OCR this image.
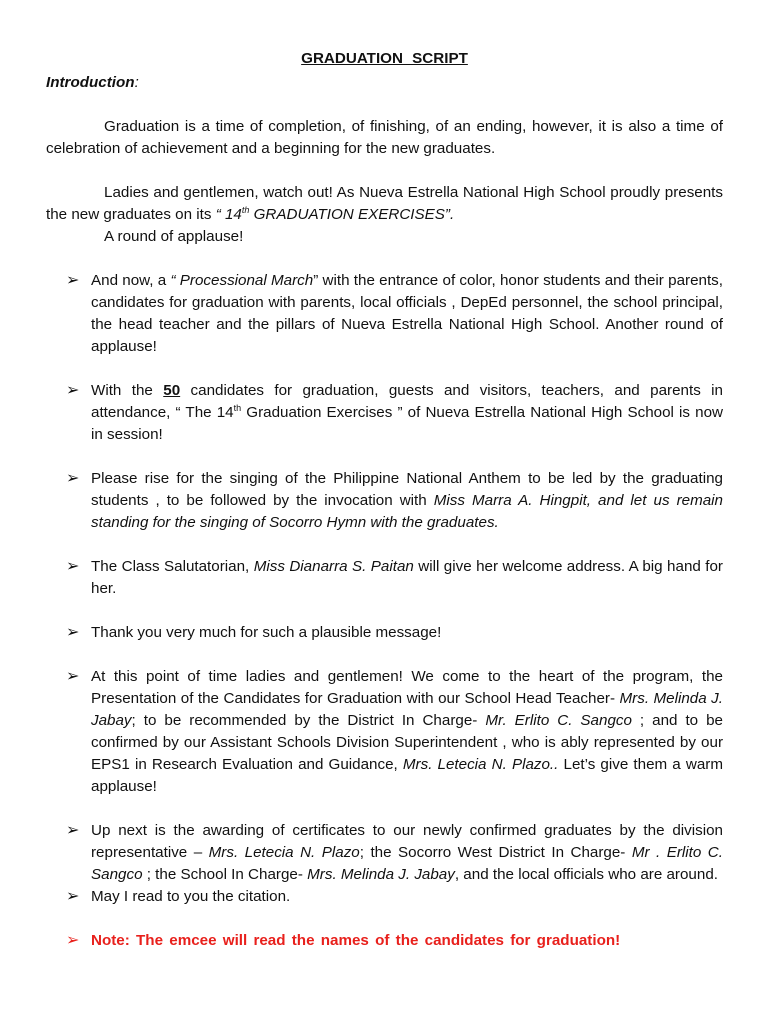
GRADUATION SCRIPT

Introduction:

Graduation is a time of completion, of finishing, of an ending, however, it is also a time of celebration of achievement and a beginning for the new graduates.

Ladies and gentlemen, watch out! As Nueva Estrella National High School proudly presents the new graduates on its “ 14th GRADUATION EXERCISES”.

A round of applause!

➢ And now, a “ Processional March” with the entrance of color, honor students and their parents, candidates for graduation with parents, local officials , DepEd personnel, the school principal, the head teacher and the pillars of Nueva Estrella National High School. Another round of applause!
➢ With the 50 candidates for graduation, guests and visitors, teachers, and parents in attendance, “ The 14th Graduation Exercises ” of Nueva Estrella National High School is now in session!
➢ Please rise for the singing of the Philippine National Anthem to be led by the graduating students , to be followed by the invocation with Miss Marra A. Hingpit, and let us remain standing for the singing of Socorro Hymn with the graduates.
➢ The Class Salutatorian, Miss Dianarra S. Paitan will give her welcome address. A big hand for her.
➢ Thank you very much for such a plausible message!
➢ At this point of time ladies and gentlemen! We come to the heart of the program, the Presentation of the Candidates for Graduation with our School Head Teacher- Mrs. Melinda J. Jabay; to be recommended by the District In Charge- Mr. Erlito C. Sangco ; and to be confirmed by our Assistant Schools Division Superintendent , who is ably represented by our EPS1 in Research Evaluation and Guidance, Mrs. Letecia N. Plazo.. Let’s give them a warm applause!
➢ Up next is the awarding of certificates to our newly confirmed graduates by the division representative – Mrs. Letecia N. Plazo; the Socorro West District In Charge- Mr . Erlito C. Sangco ; the School In Charge- Mrs. Melinda J. Jabay, and the local officials who are around.
➢ May I read to you the citation.
➢ Note: The emcee will read the names of the candidates for graduation!
